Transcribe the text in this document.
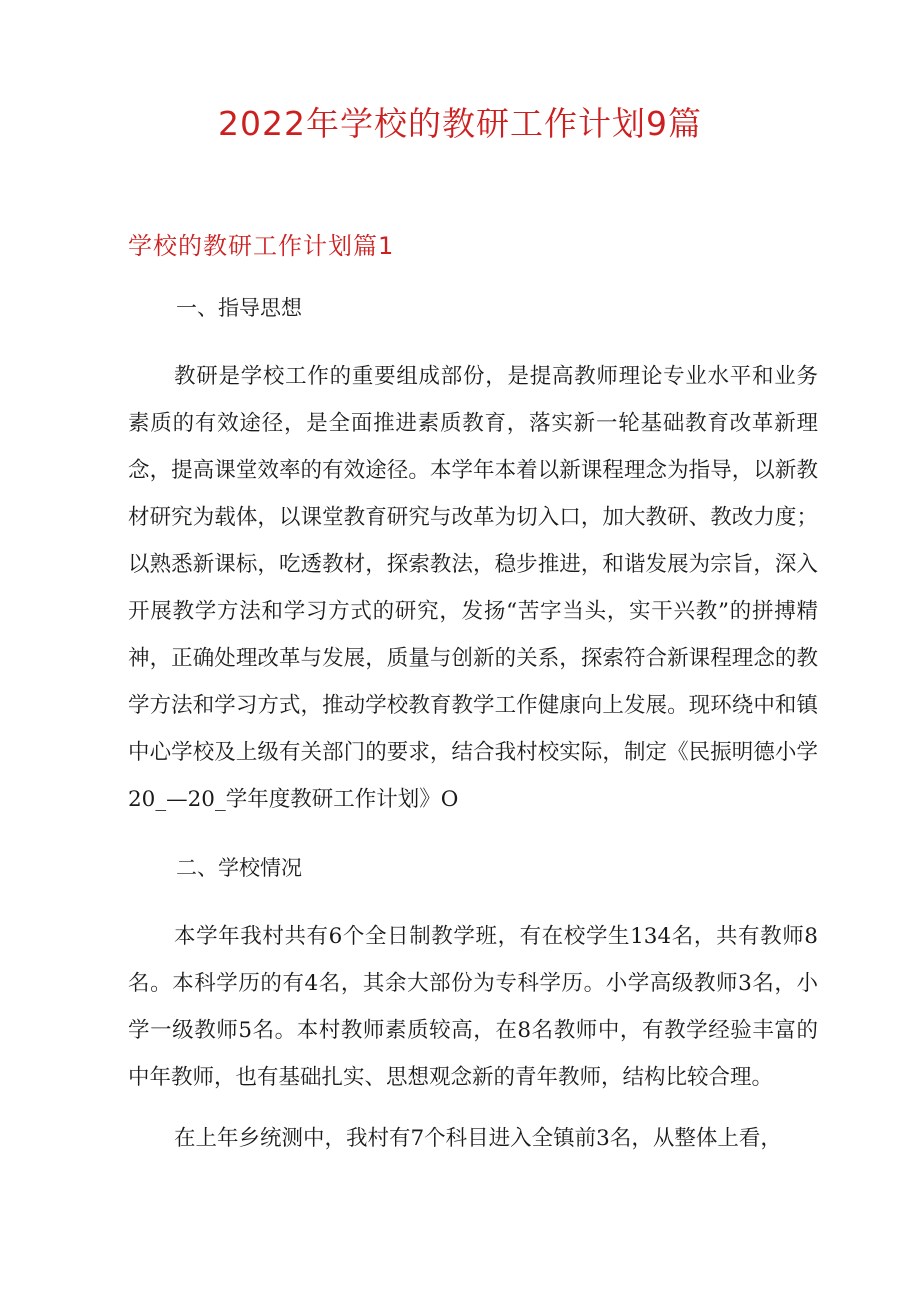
2022年学校的教研工作计划9篇
学校的教研工作计划篇1
一、指导思想

教研是学校工作的重要组成部份，是提高教师理论专业水平和业务素质的有效途径，是全面推进素质教育，落实新一轮基础教育改革新理念，提高课堂效率的有效途径。本学年本着以新课程理念为指导，以新教材研究为载体，以课堂教育研究与改革为切入口，加大教研、教改力度；以熟悉新课标，吃透教材，探索教法，稳步推进，和谐发展为宗旨，深入开展教学方法和学习方式的研究，发扬“苦字当头，实干兴教”的拼搏精神，正确处理改革与发展，质量与创新的关系，探索符合新课程理念的教学方法和学习方式，推动学校教育教学工作健康向上发展。现环绕中和镇中心学校及上级有关部门的要求，结合我村校实际，制定《民振明德小学20_—20_学年度教研工作计划》O

二、学校情况

本学年我村共有6个全日制教学班，有在校学生134名，共有教师8名。本科学历的有4名，其余大部份为专科学历。小学高级教师3名，小学一级教师5名。本村教师素质较高，在8名教师中，有教学经验丰富的中年教师，也有基础扎实、思想观念新的青年教师，结构比较合理。

在上年乡统测中，我村有7个科目进入全镇前3名，从整体上看，
